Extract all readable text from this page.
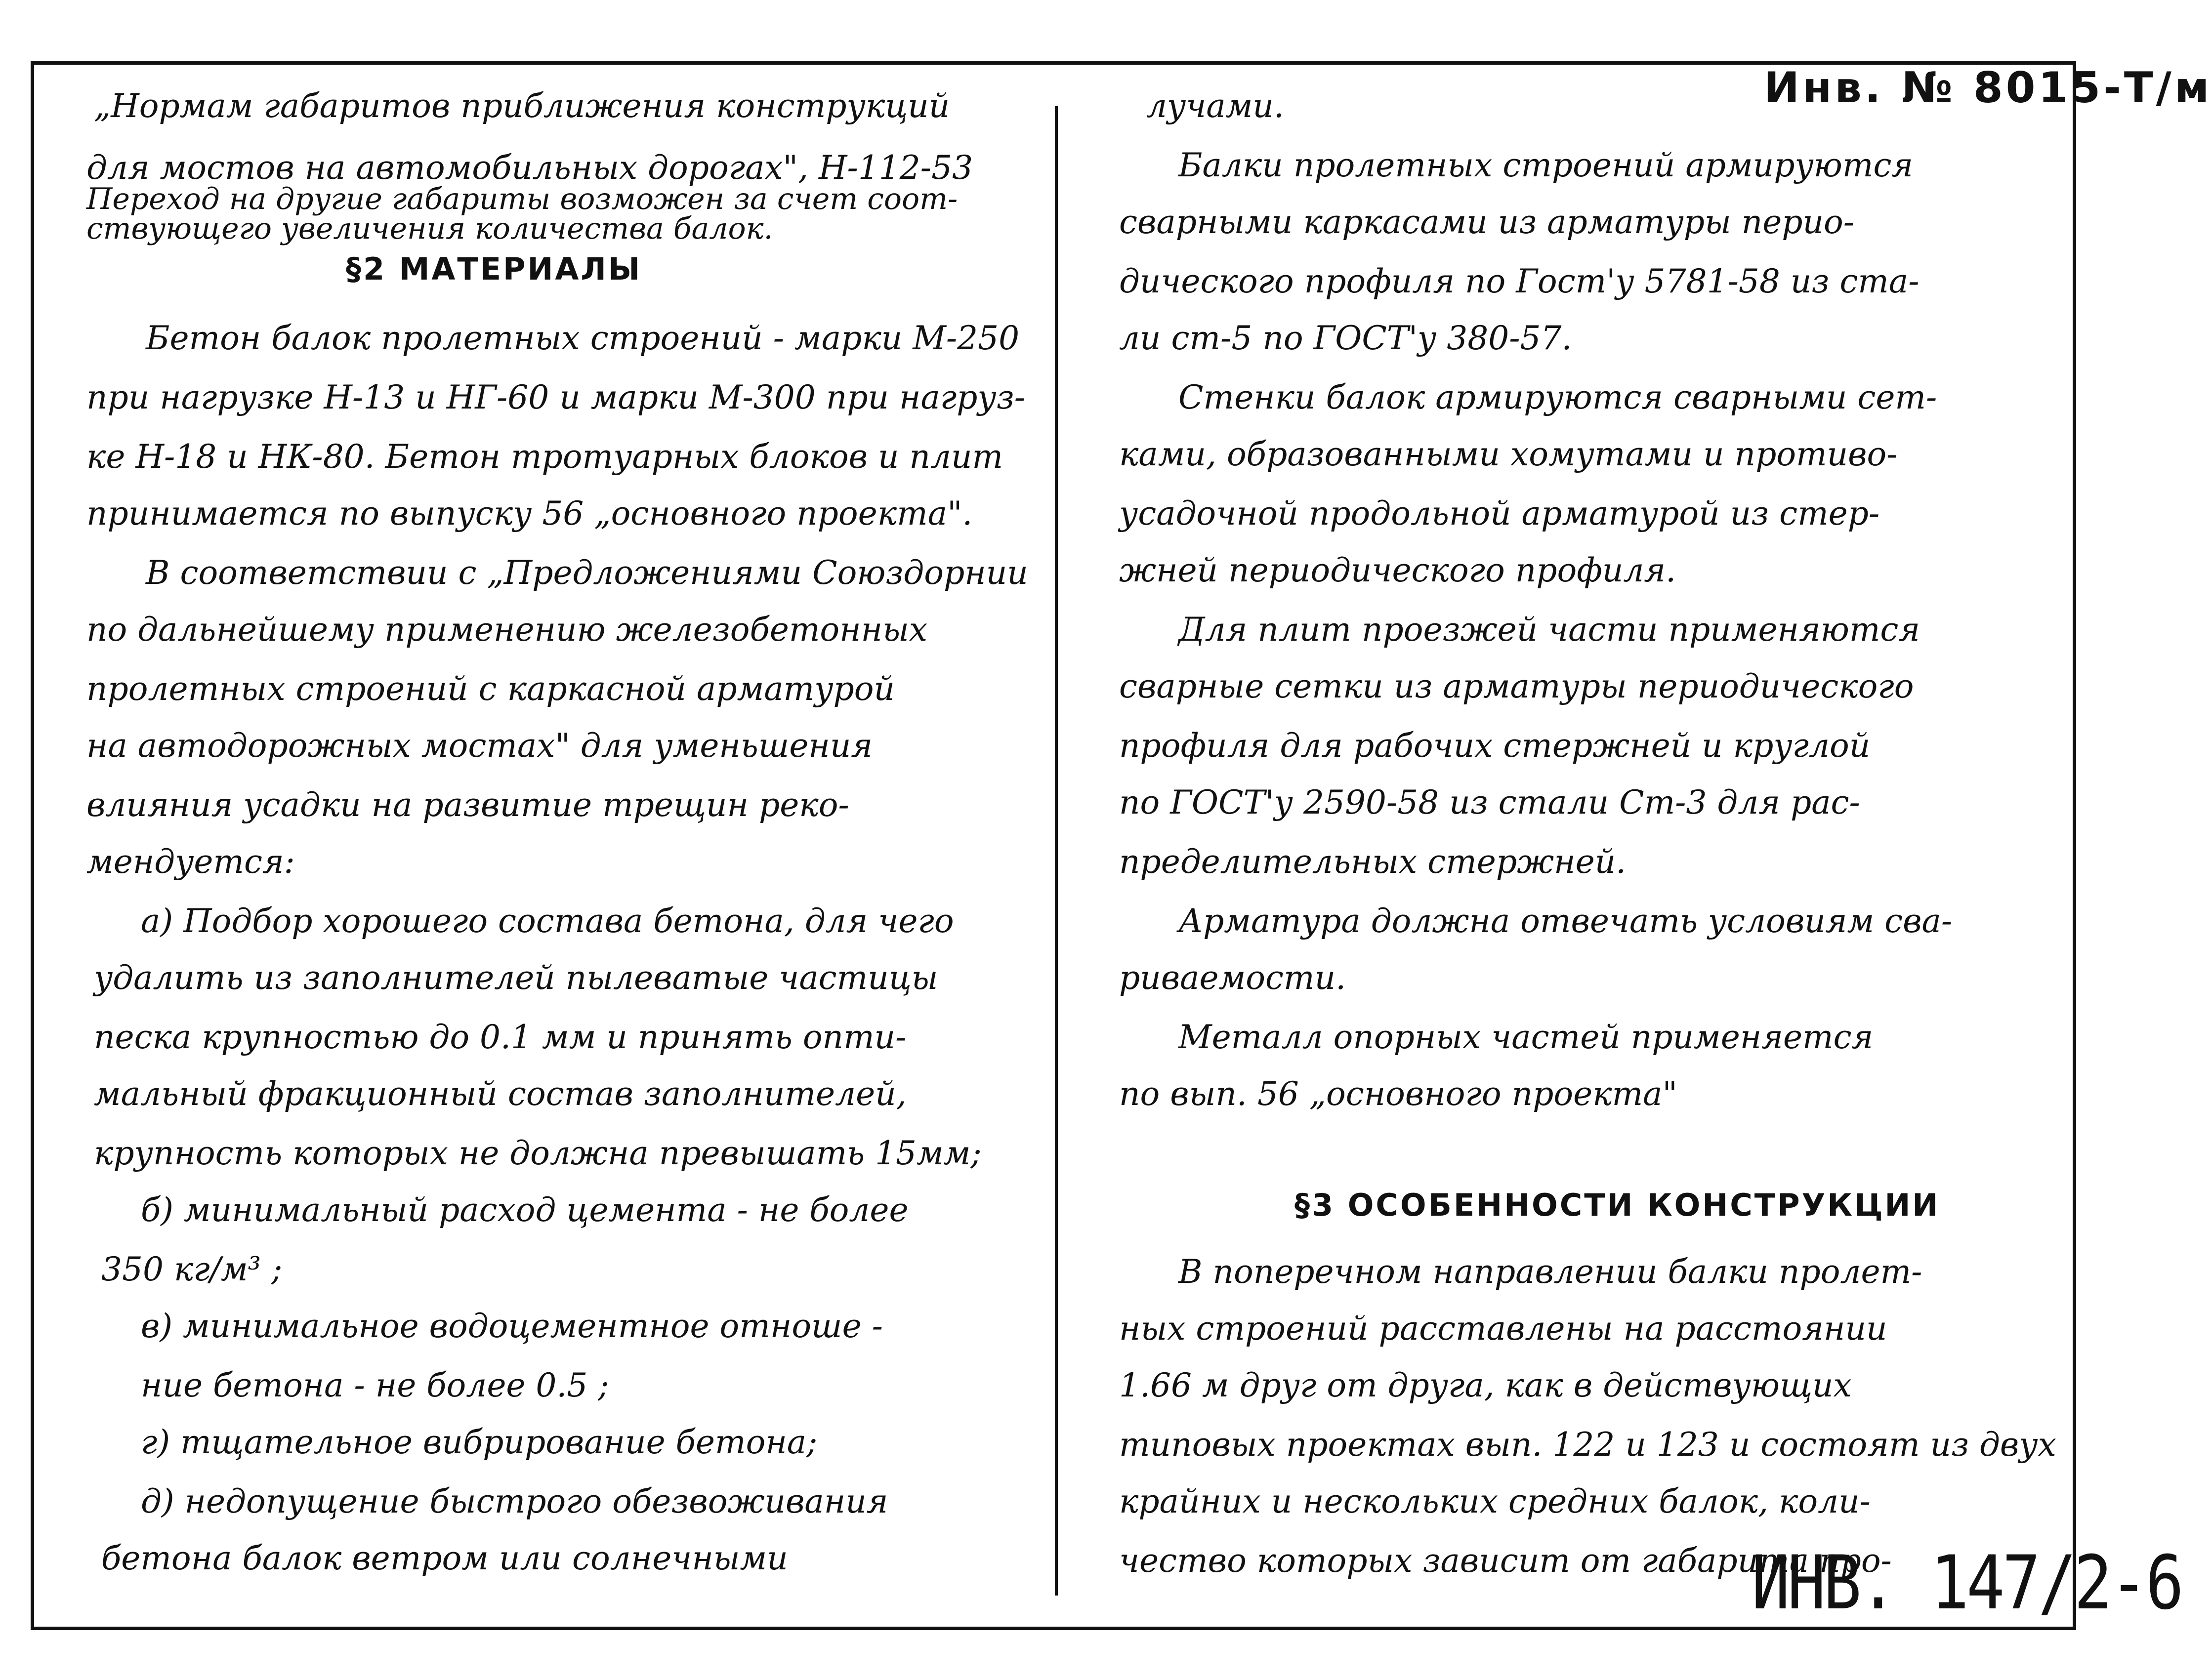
Инв. № 8015-Т/м
„Нормам габаритов приближения конструкций
для мостов на автомобильных дорогах", Н-112-53
Переход на другие габариты возможен за счет соот-
ствующего увеличения количества балок.
§2 МАТЕРИАЛЫ
Бетон балок пролетных строений - марки М-250
при нагрузке Н-13 и НГ-60 и марки М-300 при нагруз-
ке Н-18 и НК-80. Бетон тротуарных блоков и плит
принимается по выпуску 56 „основного проекта".
В соответствии с „Предложениями Союздорнии
по дальнейшему применению железобетонных
пролетных строений с каркасной арматурой
на автодорожных мостах" для уменьшения
влияния усадки на развитие трещин реко-
мендуется:
а) Подбор хорошего состава бетона, для чего
удалить из заполнителей пылеватые частицы
песка крупностью до 0.1 мм и принять опти-
мальный фракционный состав заполнителей,
крупность которых не должна превышать 15мм;
б) минимальный расход цемента - не более
350 кг/м³ ;
в) минимальное водоцементное отноше -
ние бетона - не более 0.5 ;
г) тщательное вибрирование бетона;
д) недопущение быстрого обезвоживания
бетона балок ветром или солнечными
лучами.
Балки пролетных строений армируются
сварными каркасами из арматуры перио-
дического профиля по Гост'у 5781-58 из ста-
ли ст-5 по ГОСТ'у 380-57.
Стенки балок армируются сварными сет-
ками, образованными хомутами и противо-
усадочной продольной арматурой из стер-
жней периодического профиля.
Для плит проезжей части применяются
сварные сетки из арматуры периодического
профиля для рабочих стержней и круглой
по ГОСТ'у 2590-58 из стали Ст-3 для рас-
пределительных стержней.
Арматура должна отвечать условиям сва-
риваемости.
Металл опорных частей применяется
по вып. 56 „основного проекта"
§3 ОСОБЕННОСТИ КОНСТРУКЦИИ
В поперечном направлении балки пролет-
ных строений расставлены на расстоянии
1.66 м друг от друга, как в действующих
типовых проектах вып. 122 и 123 и состоят из двух
крайних и нескольких средних балок, коли-
чество которых зависит от габарита про-
ИНВ. 147/2-6
